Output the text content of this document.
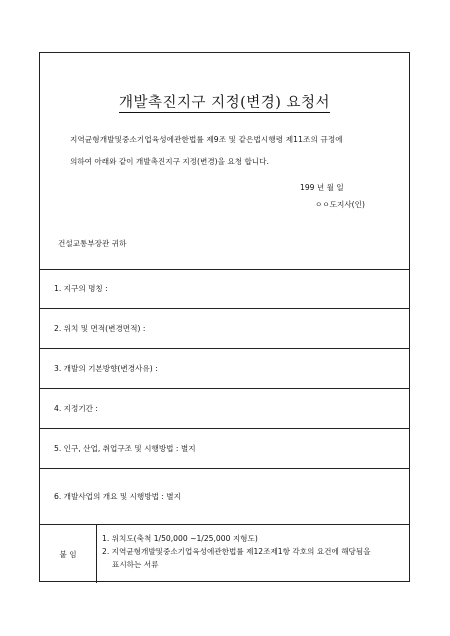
개발촉진지구 지정(변경) 요청서
지역균형개발및중소기업육성에관한법률 제9조 및 같은법시행령 제11조의 규정에
의하여 아래와 같이 개발촉진지구 지정(변경)을 요청 합니다.
199 년 월 일
ㅇㅇ도지사(인)
건설교통부장관 귀하
1. 지구의 명칭 :
2. 위치 및 면적(변경면적) :
3. 개발의 기본방향(변경사유) :
4. 지정기간 :
5. 인구, 산업, 취업구조 및 시행방법 : 별지
6. 개발사업의 개요 및 시행방법 : 별지
붙 임
1. 위치도(축척 1/50,000 ~1/25,000 지형도)
2. 지역균형개발및중소기업육성에관한법률 제12조제1항 각호의 요건에 해당됨을
표시하는 서류
